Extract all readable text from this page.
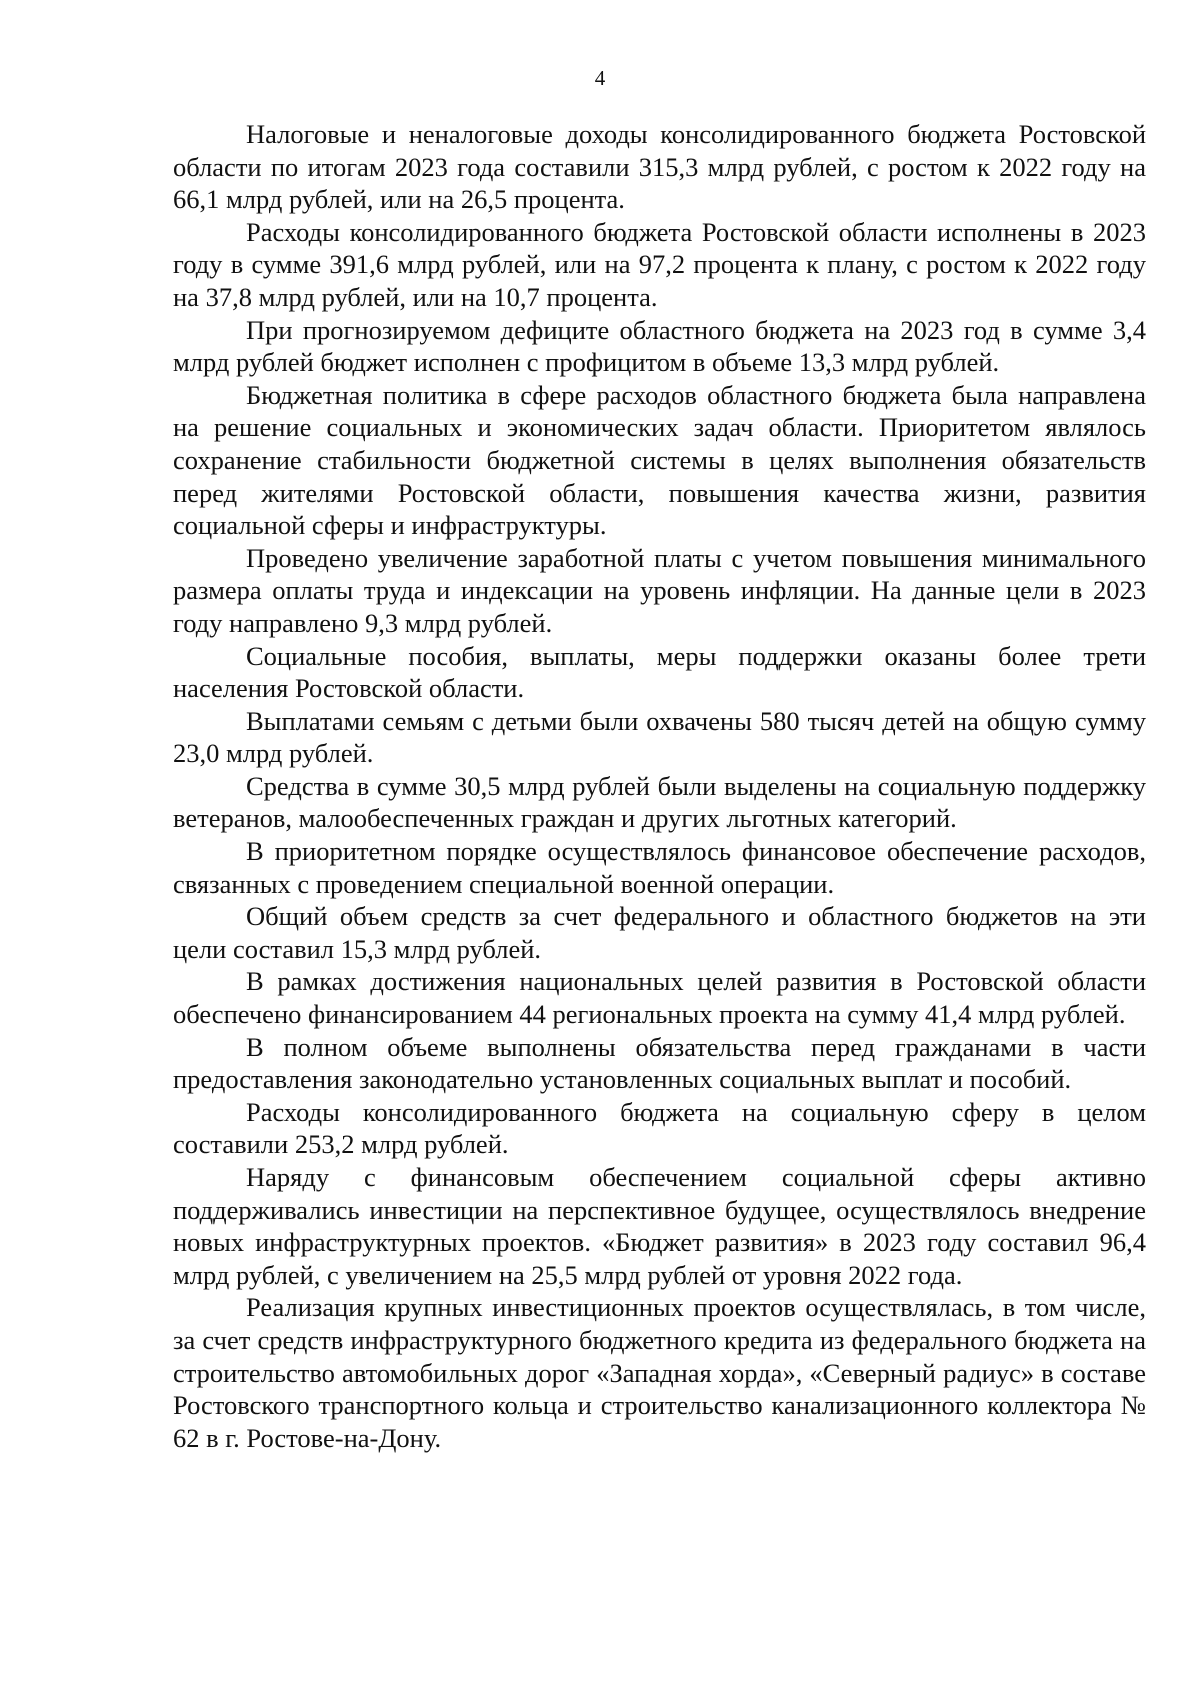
4

Налоговые и неналоговые доходы консолидированного бюджета Ростовской области по итогам 2023 года составили 315,3 млрд рублей, с ростом к 2022 году на 66,1 млрд рублей, или на 26,5 процента.

Расходы консолидированного бюджета Ростовской области исполнены в 2023 году в сумме 391,6 млрд рублей, или на 97,2 процента к плану, с ростом к 2022 году на 37,8 млрд рублей, или на 10,7 процента.

При прогнозируемом дефиците областного бюджета на 2023 год в сумме 3,4 млрд рублей бюджет исполнен с профицитом в объеме 13,3 млрд рублей.

Бюджетная политика в сфере расходов областного бюджета была направлена на решение социальных и экономических задач области. Приоритетом являлось сохранение стабильности бюджетной системы в целях выполнения обязательств перед жителями Ростовской области, повышения качества жизни, развития социальной сферы и инфраструктуры.

Проведено увеличение заработной платы с учетом повышения минимального размера оплаты труда и индексации на уровень инфляции. На данные цели в 2023 году направлено 9,3 млрд рублей.

Социальные пособия, выплаты, меры поддержки оказаны более трети населения Ростовской области.

Выплатами семьям с детьми были охвачены 580 тысяч детей на общую сумму 23,0 млрд рублей.

Средства в сумме 30,5 млрд рублей были выделены на социальную поддержку ветеранов, малообеспеченных граждан и других льготных категорий.

В приоритетном порядке осуществлялось финансовое обеспечение расходов, связанных с проведением специальной военной операции.

Общий объем средств за счет федерального и областного бюджетов на эти цели составил 15,3 млрд рублей.

В рамках достижения национальных целей развития в Ростовской области обеспечено финансированием 44 региональных проекта на сумму 41,4 млрд рублей.

В полном объеме выполнены обязательства перед гражданами в части предоставления законодательно установленных социальных выплат и пособий.

Расходы консолидированного бюджета на социальную сферу в целом составили 253,2 млрд рублей.

Наряду с финансовым обеспечением социальной сферы активно поддерживались инвестиции на перспективное будущее, осуществлялось внедрение новых инфраструктурных проектов. «Бюджет развития» в 2023 году составил 96,4 млрд рублей, с увеличением на 25,5 млрд рублей от уровня 2022 года.

Реализация крупных инвестиционных проектов осуществлялась, в том числе, за счет средств инфраструктурного бюджетного кредита из федерального бюджета на строительство автомобильных дорог «Западная хорда», «Северный радиус» в составе Ростовского транспортного кольца и строительство канализационного коллектора № 62 в г. Ростове-на-Дону.
